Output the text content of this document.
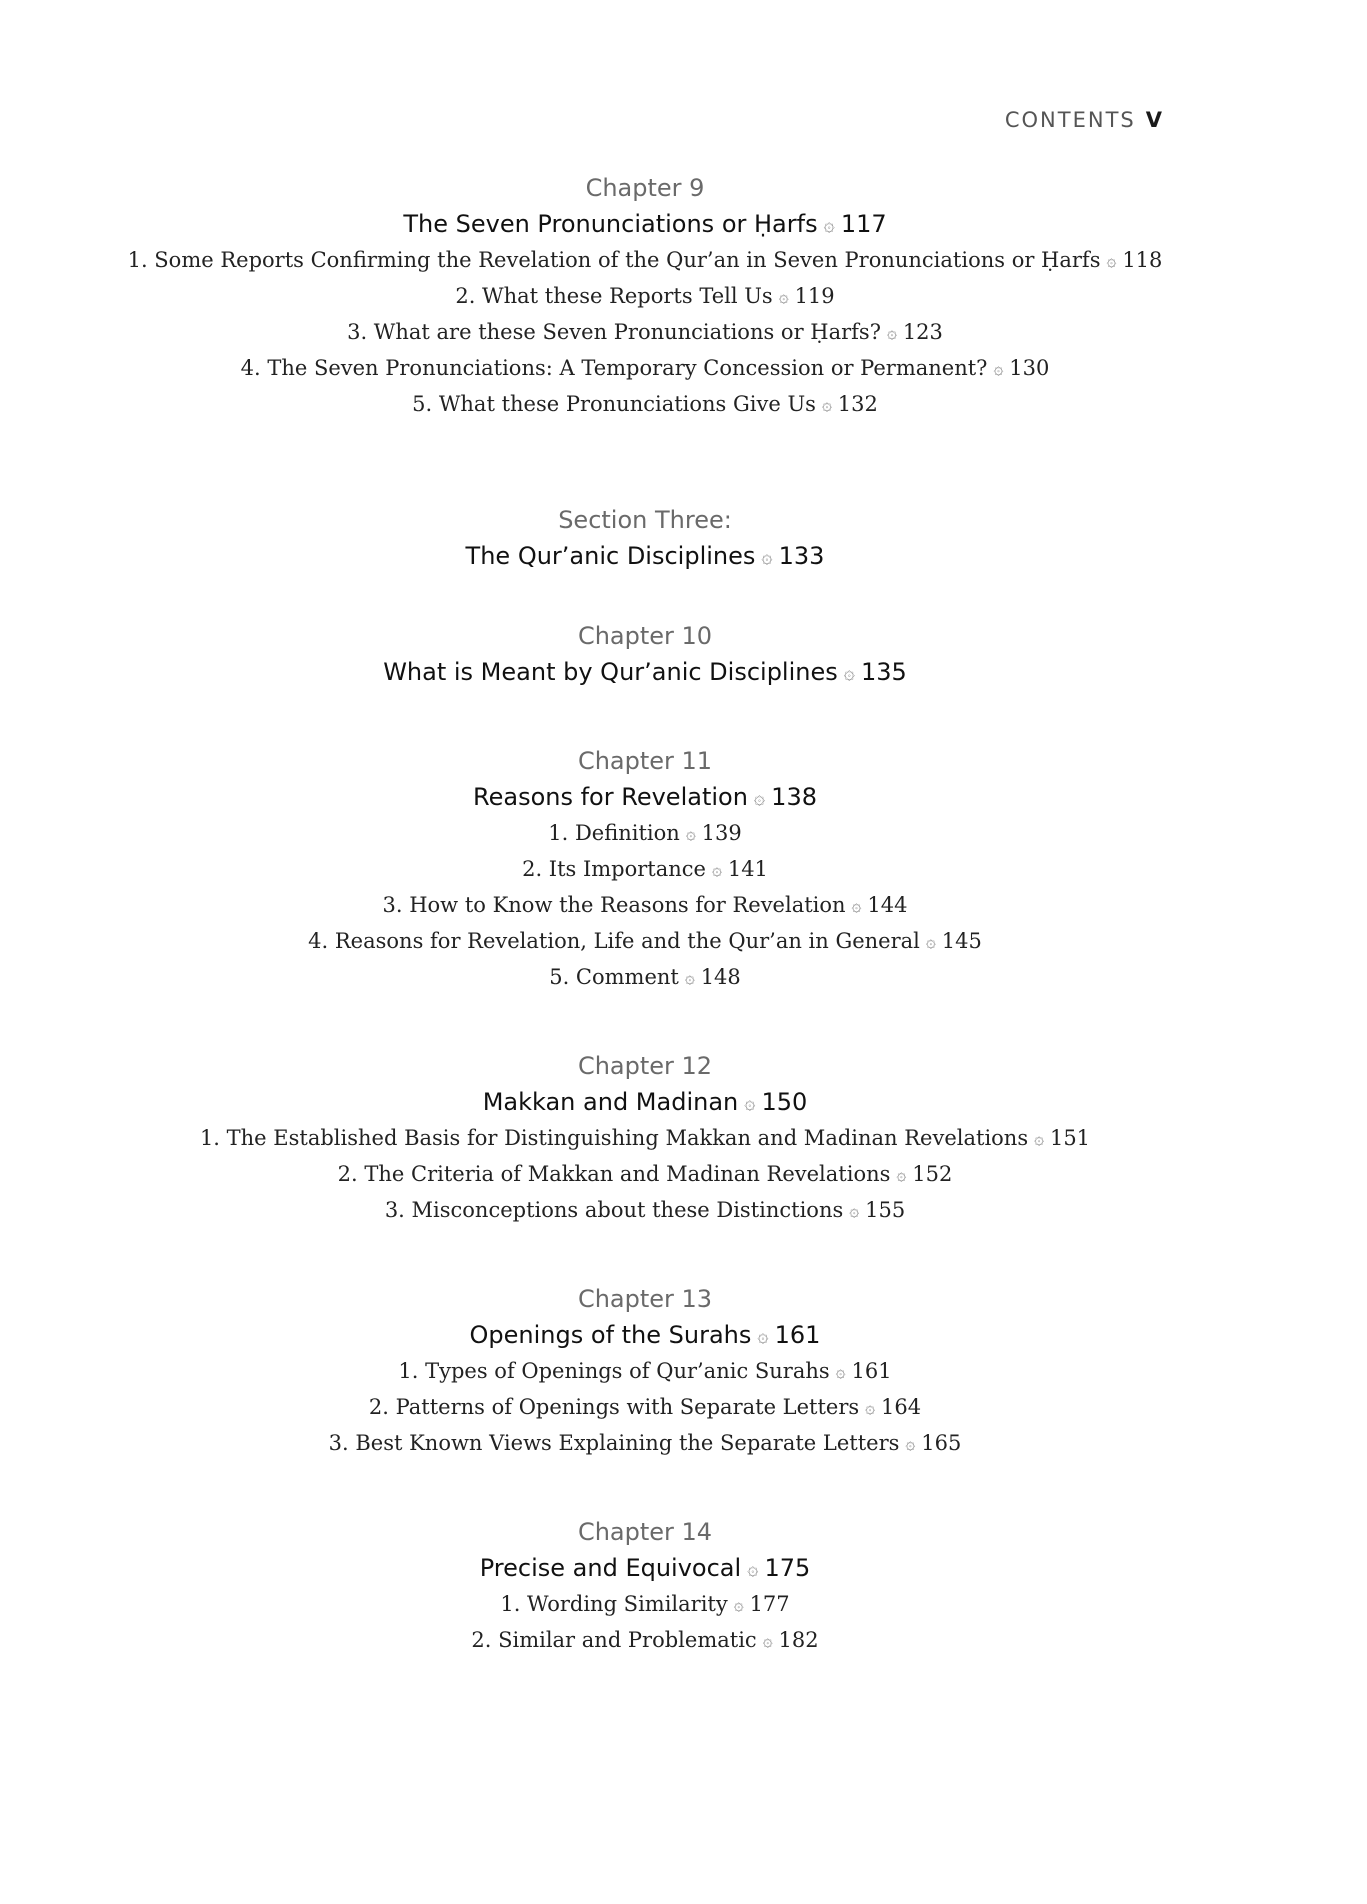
CONTENTS V
Chapter 9
The Seven Pronunciations or Ḥarfs ۞ 117
1. Some Reports Confirming the Revelation of the Qur’an in Seven Pronunciations or Ḥarfs ۞ 118
2. What these Reports Tell Us ۞ 119
3. What are these Seven Pronunciations or Ḥarfs? ۞ 123
4. The Seven Pronunciations: A Temporary Concession or Permanent? ۞ 130
5. What these Pronunciations Give Us ۞ 132
Section Three:
The Qur’anic Disciplines ۞ 133
Chapter 10
What is Meant by Qur’anic Disciplines ۞ 135
Chapter 11
Reasons for Revelation ۞ 138
1. Definition ۞ 139
2. Its Importance ۞ 141
3. How to Know the Reasons for Revelation ۞ 144
4. Reasons for Revelation, Life and the Qur’an in General ۞ 145
5. Comment ۞ 148
Chapter 12
Makkan and Madinan ۞ 150
1. The Established Basis for Distinguishing Makkan and Madinan Revelations ۞ 151
2. The Criteria of Makkan and Madinan Revelations ۞ 152
3. Misconceptions about these Distinctions ۞ 155
Chapter 13
Openings of the Surahs ۞ 161
1. Types of Openings of Qur’anic Surahs ۞ 161
2. Patterns of Openings with Separate Letters ۞ 164
3. Best Known Views Explaining the Separate Letters ۞ 165
Chapter 14
Precise and Equivocal ۞ 175
1. Wording Similarity ۞ 177
2. Similar and Problematic ۞ 182
